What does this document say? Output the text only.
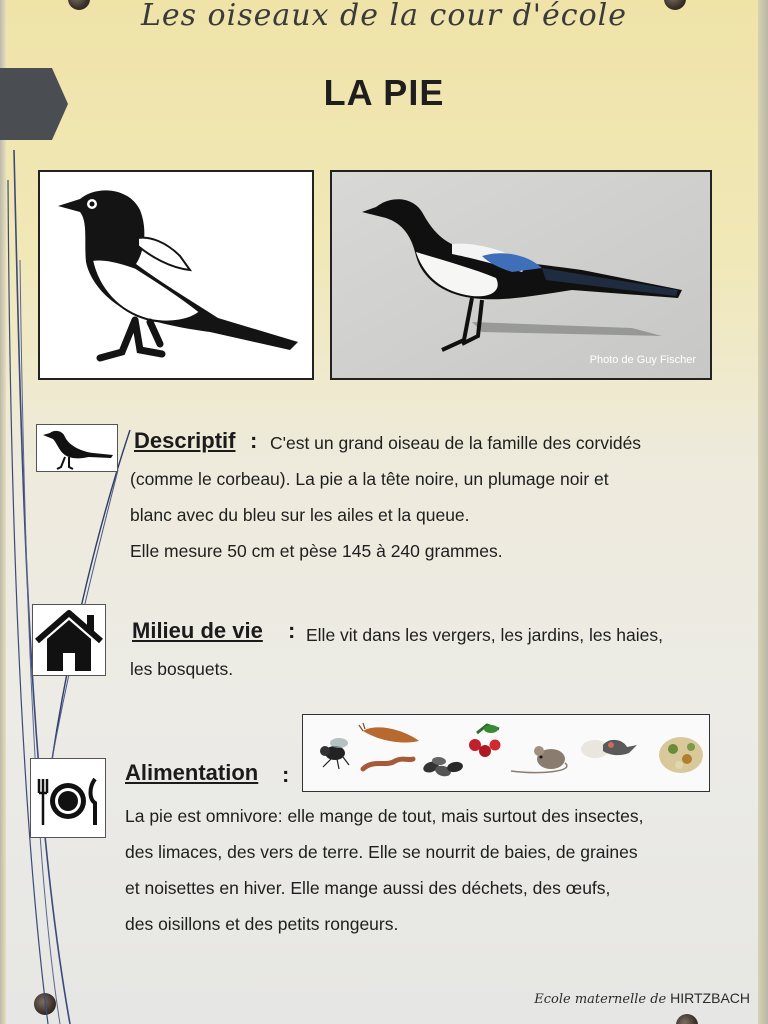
Les oiseaux de la cour d'école
LA PIE
Photo de Guy Fischer
Descriptif : C'est un grand oiseau de la famille des corvidés
(comme le corbeau). La pie a la tête noire, un plumage noir et
blanc avec du bleu sur les ailes et la queue.
Elle mesure 50 cm et pèse 145 à 240 grammes.
Milieu de vie : Elle vit dans les vergers, les jardins, les haies,
les bosquets.
Alimentation :
La pie est omnivore: elle mange de tout, mais surtout des insectes,
des limaces, des vers de terre. Elle se nourrit de baies, de graines
et noisettes en hiver. Elle mange aussi des déchets, des œufs,
des oisillons et des petits rongeurs.
Ecole maternelle de HIRTZBACH
